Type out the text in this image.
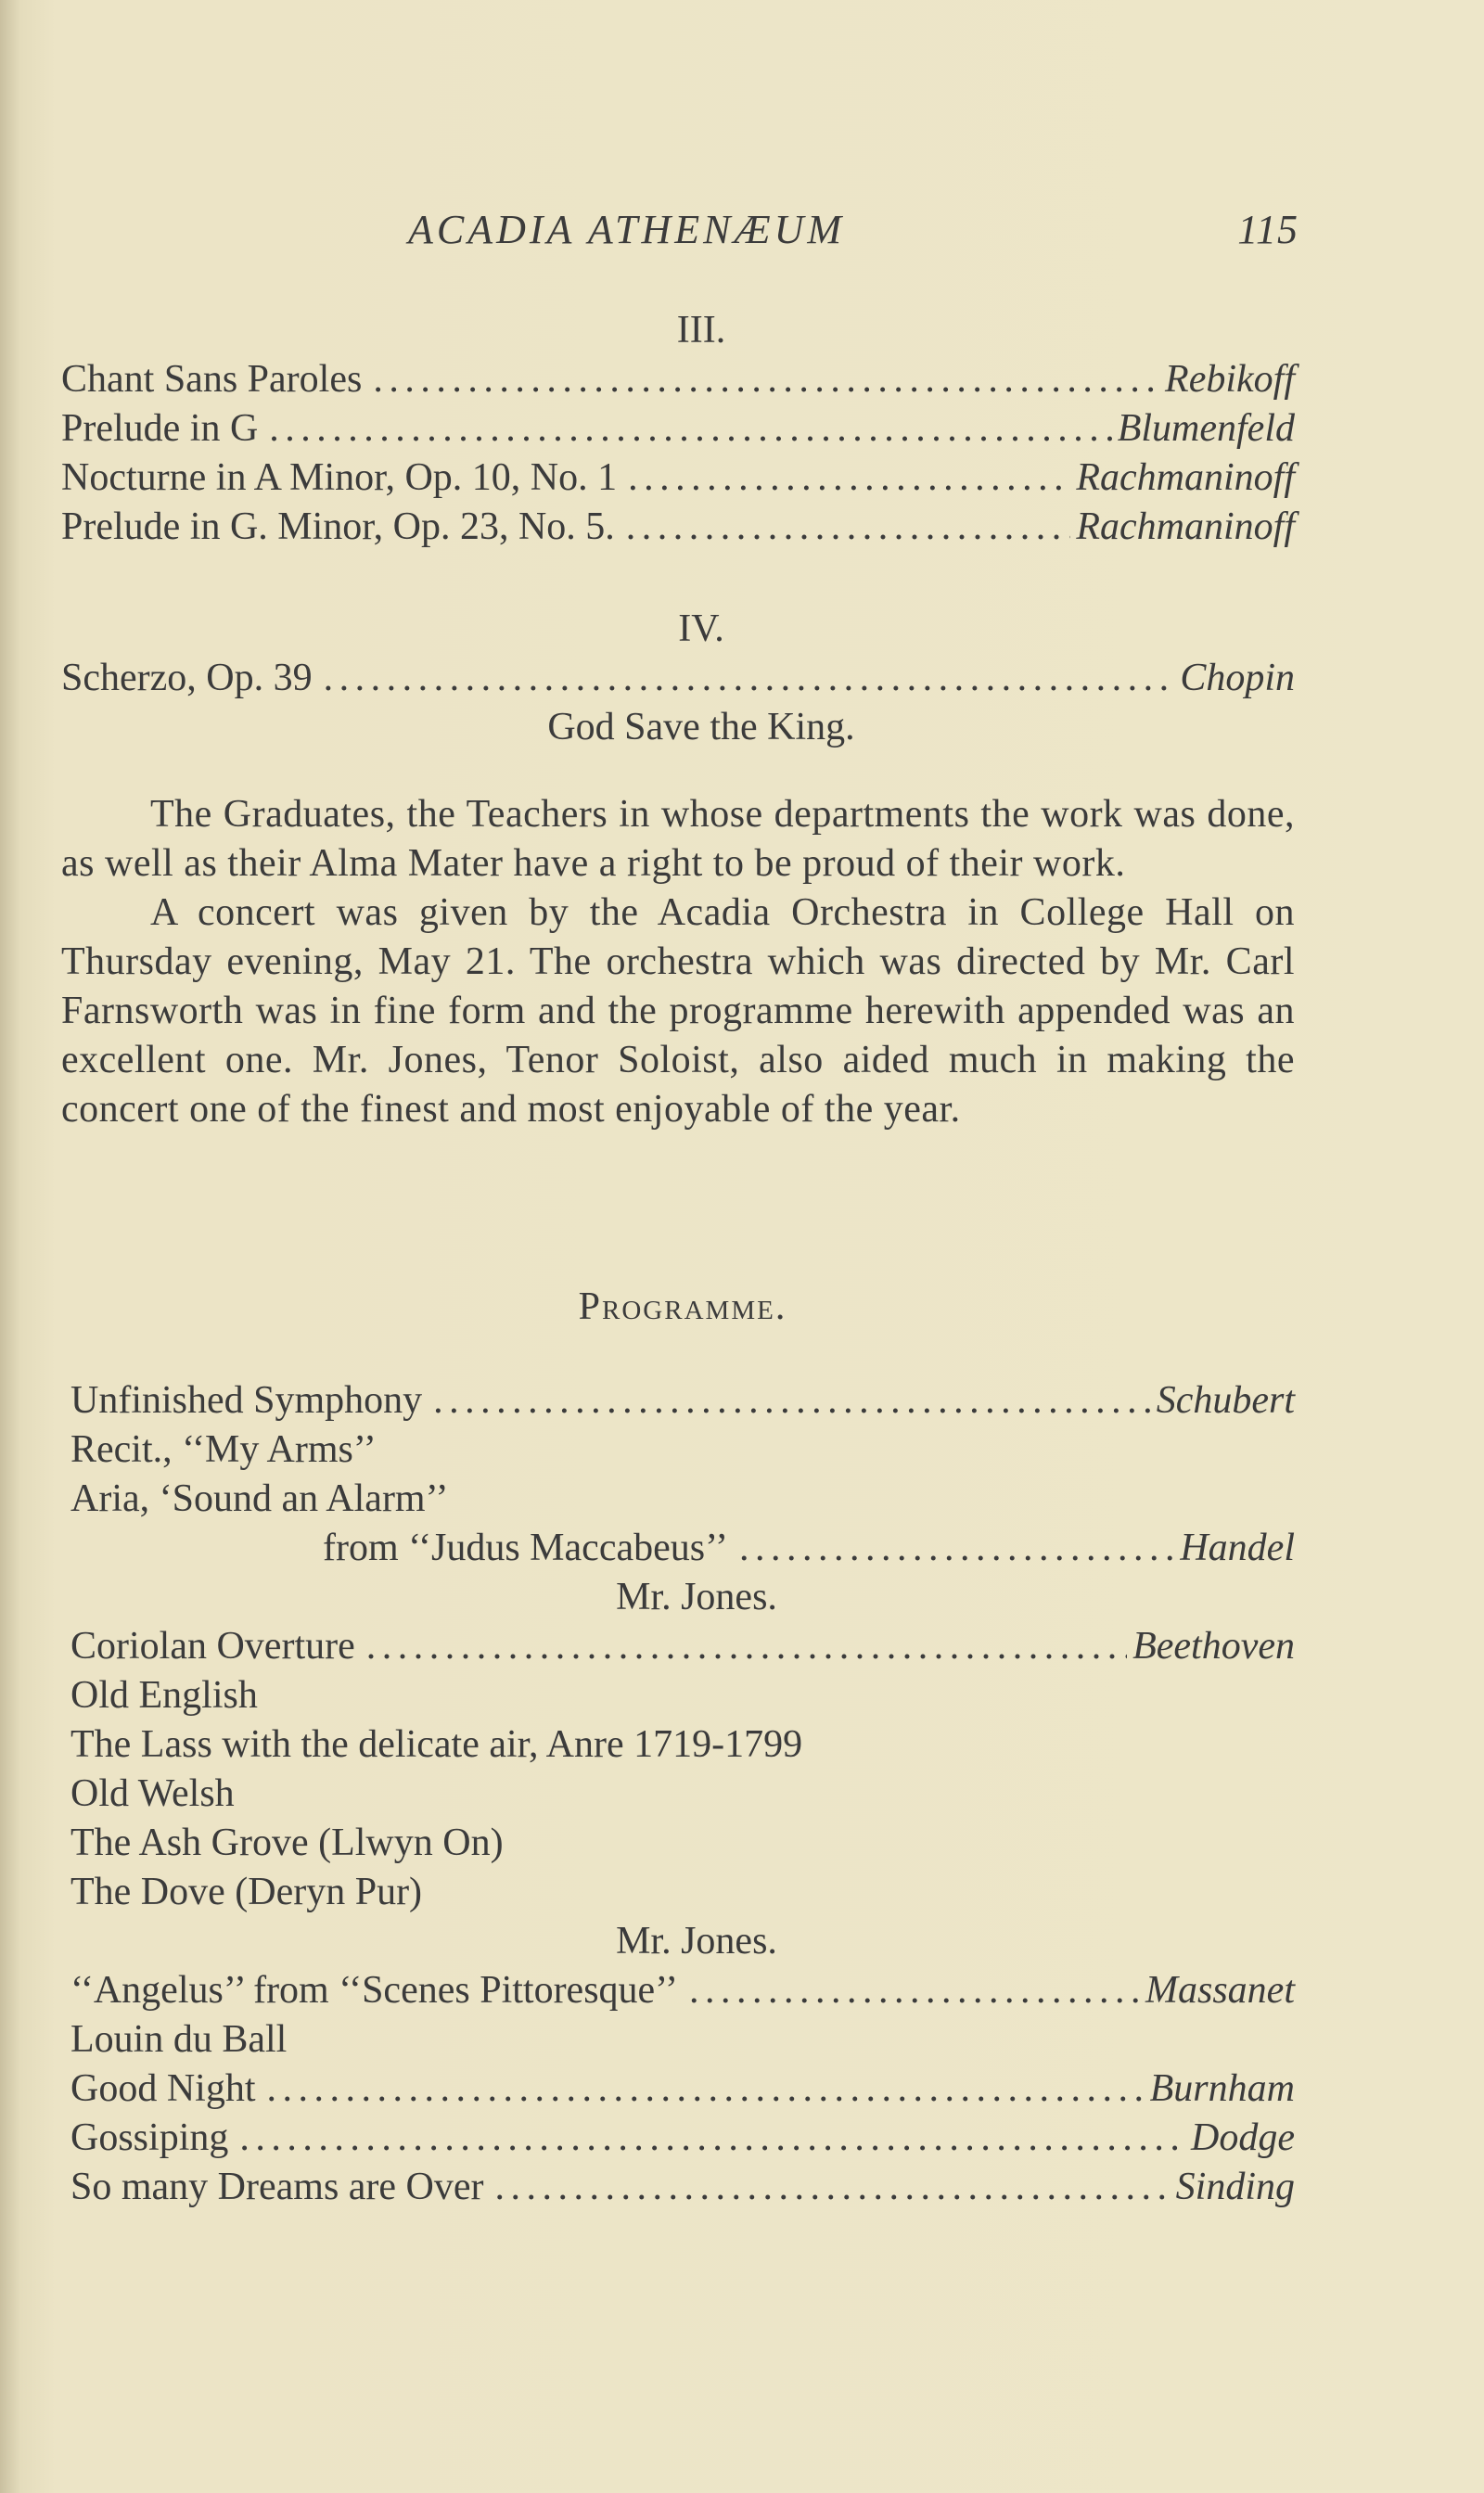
ACADIA ATHENÆUM	115
III.
Chant Sans Paroles . . .	Rebikoff
Prelude in G . . .	Blumenfeld
Nocturne in A Minor, Op. 10, No. 1 . . .	Rachmaninoff
Prelude in G. Minor, Op. 23, No. 5. . . .	Rachmaninoff
IV.
Scherzo, Op. 39 . . .	Chopin
God Save the King.

The Graduates, the Teachers in whose departments the work was done, as well as their Alma Mater have a right to be proud of their work.

A concert was given by the Acadia Orchestra in College Hall on Thursday evening, May 21. The orchestra which was directed by Mr. Carl Farnsworth was in fine form and the programme herewith appended was an excellent one. Mr. Jones, Tenor Soloist, also aided much in making the concert one of the finest and most enjoyable of the year.

Programme.
Unfinished Symphony . . .	Schubert
Recit., ‘‘My Arms’’
Aria, ‘Sound an Alarm’’
from ‘‘Judus Maccabeus’’ . . .	Handel
Mr. Jones.
Coriolan Overture . . .	Beethoven
Old English
The Lass with the delicate air, Anre 1719-1799
Old Welsh
The Ash Grove (Llwyn On)
The Dove (Deryn Pur)
Mr. Jones.
‘‘Angelus’’ from ‘‘Scenes Pittoresque’’ . . .	Massanet
Louin du Ball
Good Night . . .	Burnham
Gossiping . . .	Dodge
So many Dreams are Over . . .	Sinding
